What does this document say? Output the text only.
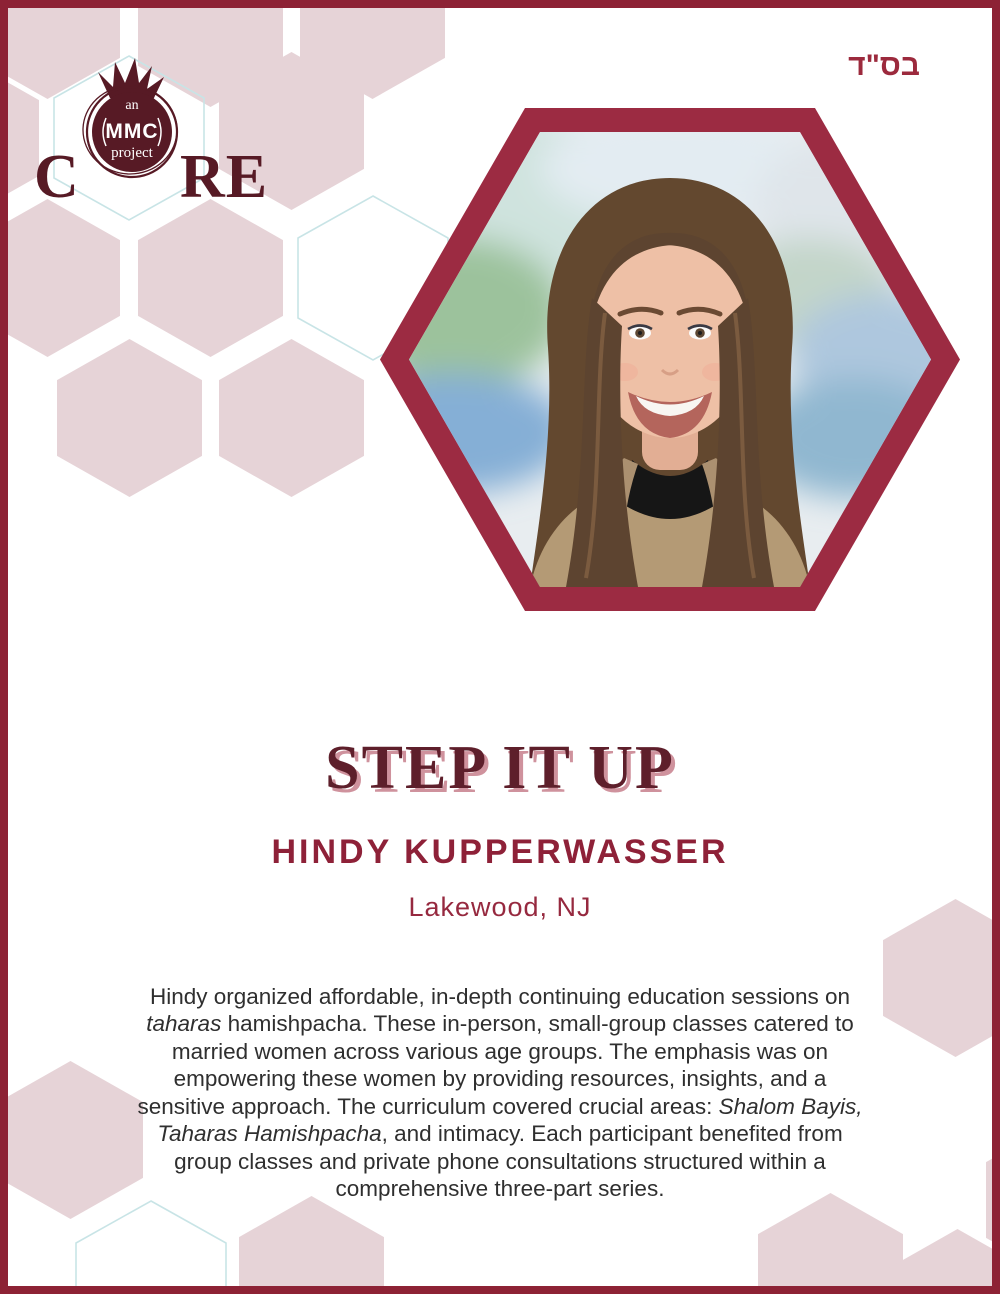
C
an
MMC
project RE
בס"ד
STEP IT UP
HINDY KUPPERWASSER
Lakewood, NJ

Hindy organized affordable, in-depth continuing education sessions on taharas hamishpacha. These in-person, small-group classes catered to married women across various age groups. The emphasis was on empowering these women by providing resources, insights, and a sensitive approach. The curriculum covered crucial areas: Shalom Bayis, Taharas Hamishpacha, and intimacy. Each participant benefited from group classes and private phone consultations structured within a comprehensive three-part series.
